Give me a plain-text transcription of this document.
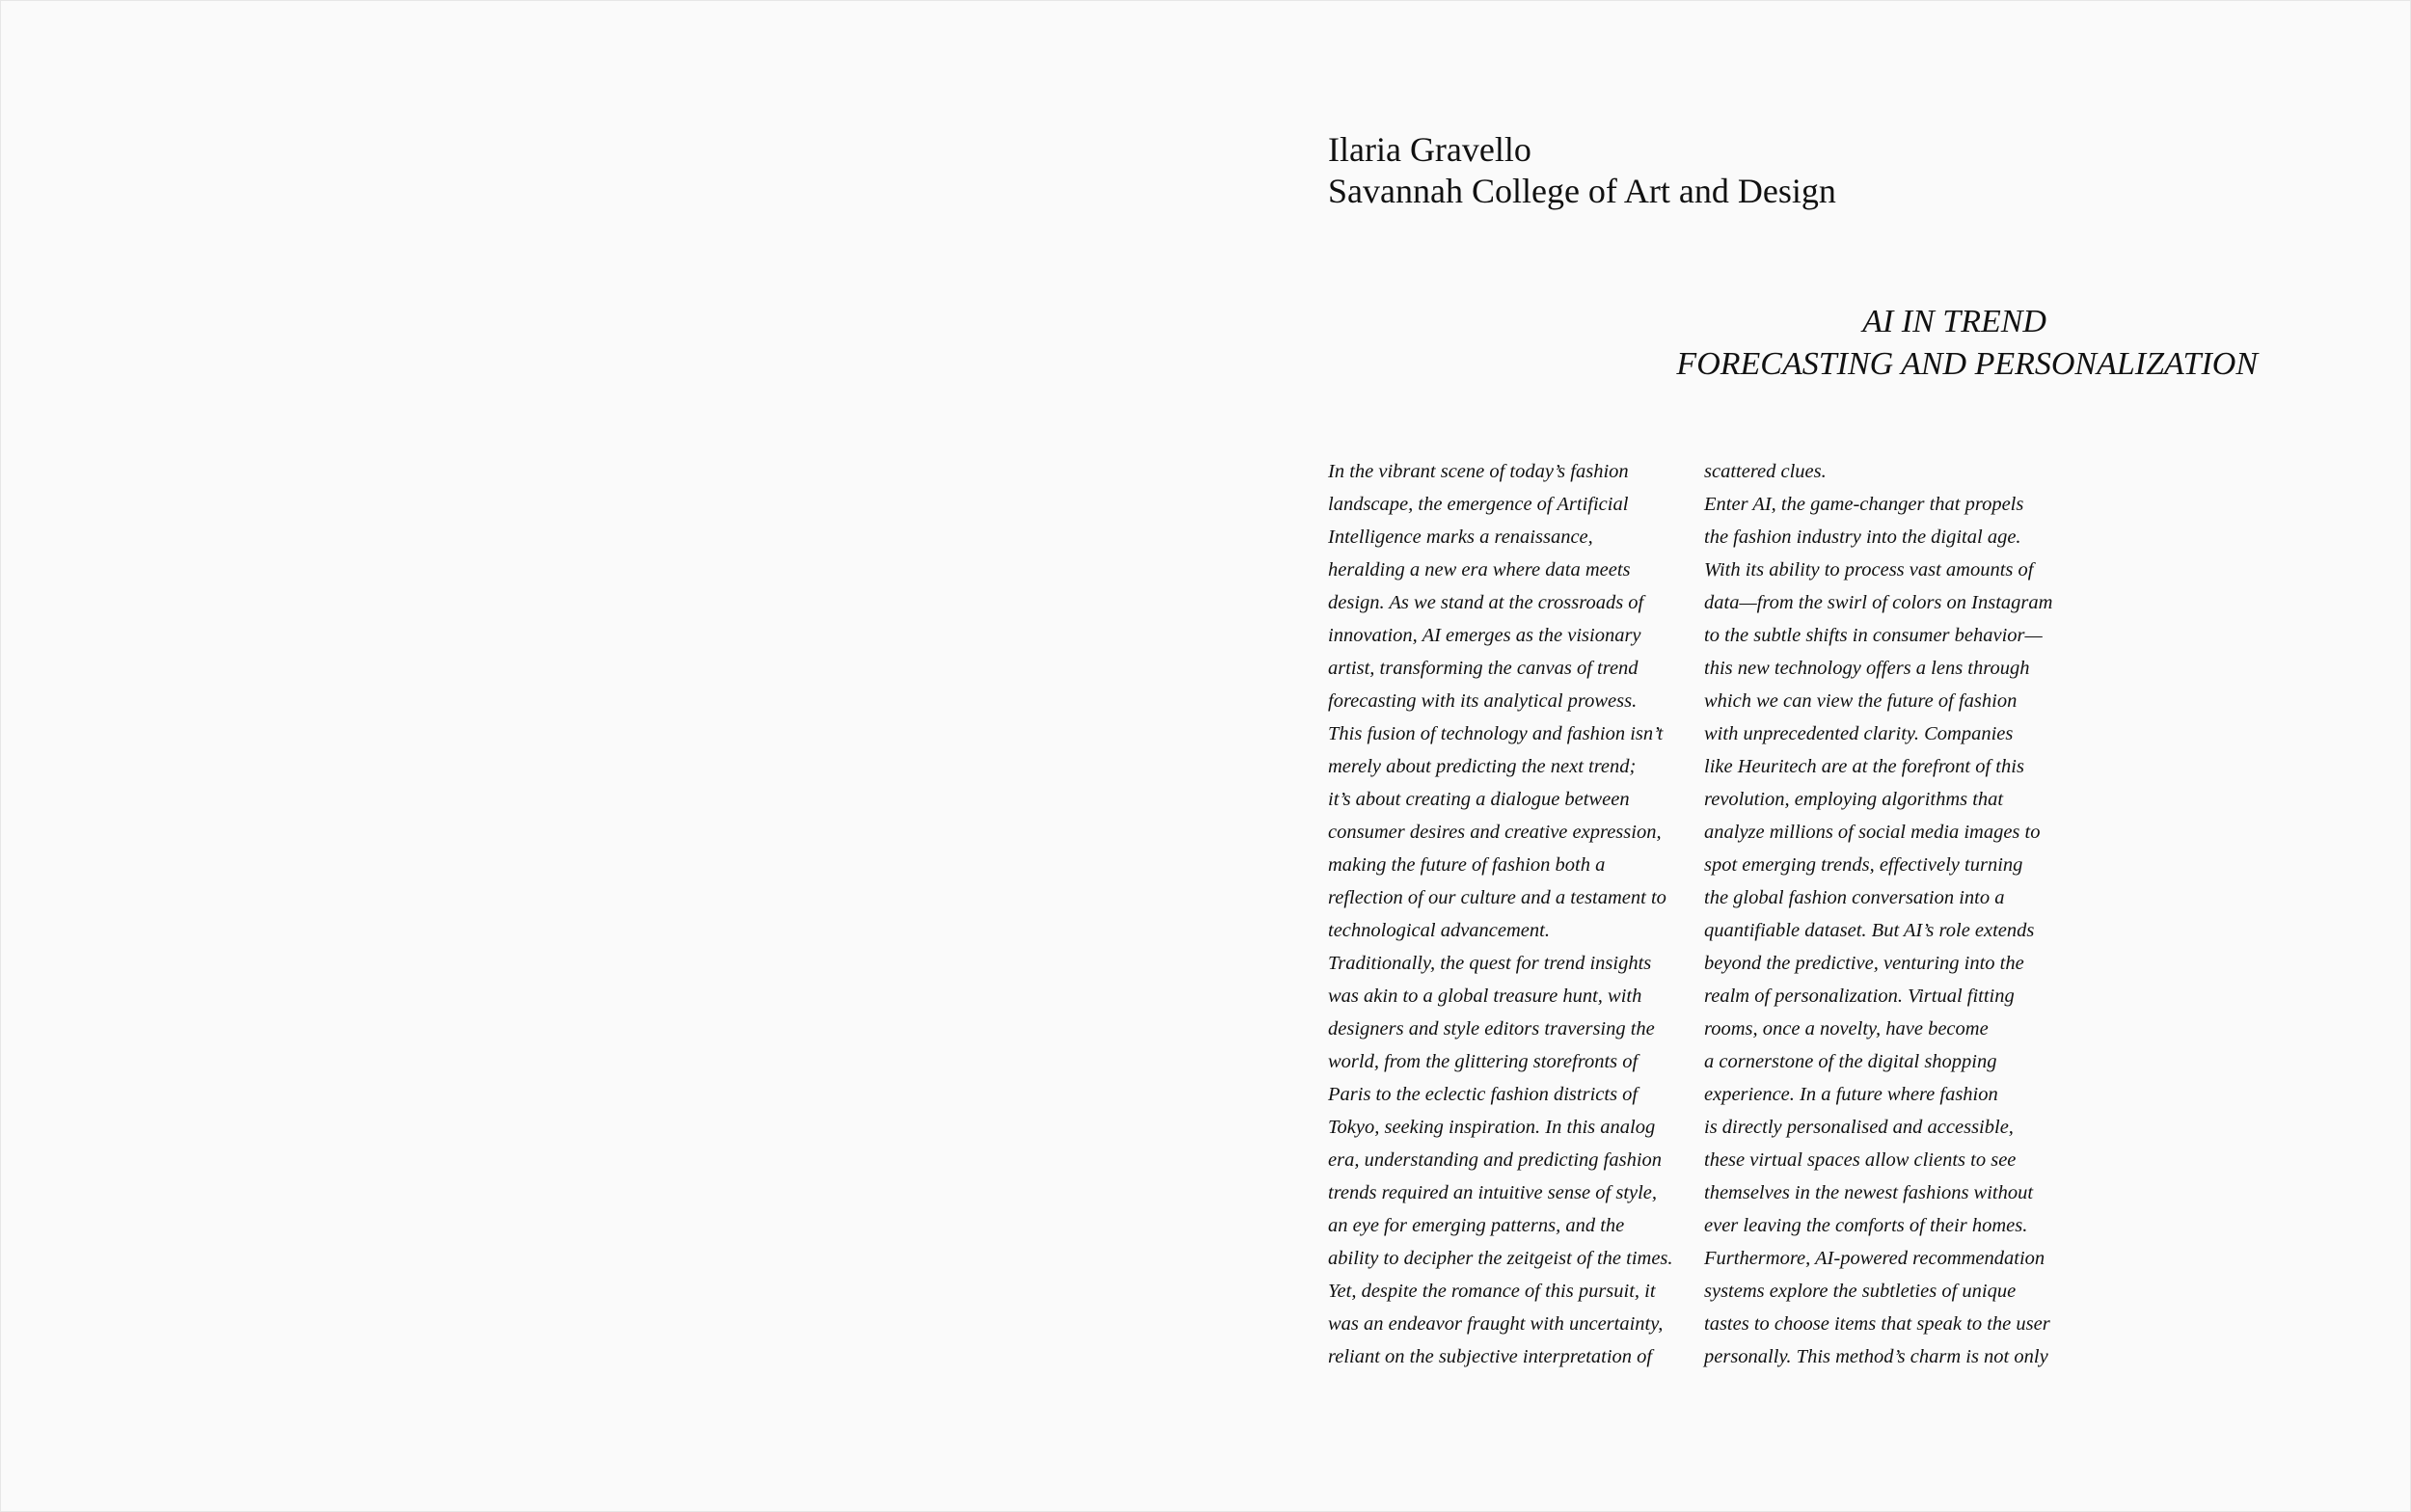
Ilaria Gravello
Savannah College of Art and Design
AI IN TREND
FORECASTING AND PERSONALIZATION
In the vibrant scene of today’s fashion
landscape, the emergence of Artificial
Intelligence marks a renaissance,
heralding a new era where data meets
design. As we stand at the crossroads of
innovation, AI emerges as the visionary
artist, transforming the canvas of trend
forecasting with its analytical prowess.
This fusion of technology and fashion isn’t
merely about predicting the next trend;
it’s about creating a dialogue between
consumer desires and creative expression,
making the future of fashion both a
reflection of our culture and a testament to
technological advancement.
Traditionally, the quest for trend insights
was akin to a global treasure hunt, with
designers and style editors traversing the
world, from the glittering storefronts of
Paris to the eclectic fashion districts of
Tokyo, seeking inspiration. In this analog
era, understanding and predicting fashion
trends required an intuitive sense of style,
an eye for emerging patterns, and the
ability to decipher the zeitgeist of the times.
Yet, despite the romance of this pursuit, it
was an endeavor fraught with uncertainty,
reliant on the subjective interpretation of
scattered clues.
Enter AI, the game-changer that propels
the fashion industry into the digital age.
With its ability to process vast amounts of
data—from the swirl of colors on Instagram
to the subtle shifts in consumer behavior—
this new technology offers a lens through
which we can view the future of fashion
with unprecedented clarity. Companies
like Heuritech are at the forefront of this
revolution, employing algorithms that
analyze millions of social media images to
spot emerging trends, effectively turning
the global fashion conversation into a
quantifiable dataset. But AI’s role extends
beyond the predictive, venturing into the
realm of personalization. Virtual fitting
rooms, once a novelty, have become
a cornerstone of the digital shopping
experience. In a future where fashion
is directly personalised and accessible,
these virtual spaces allow clients to see
themselves in the newest fashions without
ever leaving the comforts of their homes.
Furthermore, AI-powered recommendation
systems explore the subtleties of unique
tastes to choose items that speak to the user
personally. This method’s charm is not only
